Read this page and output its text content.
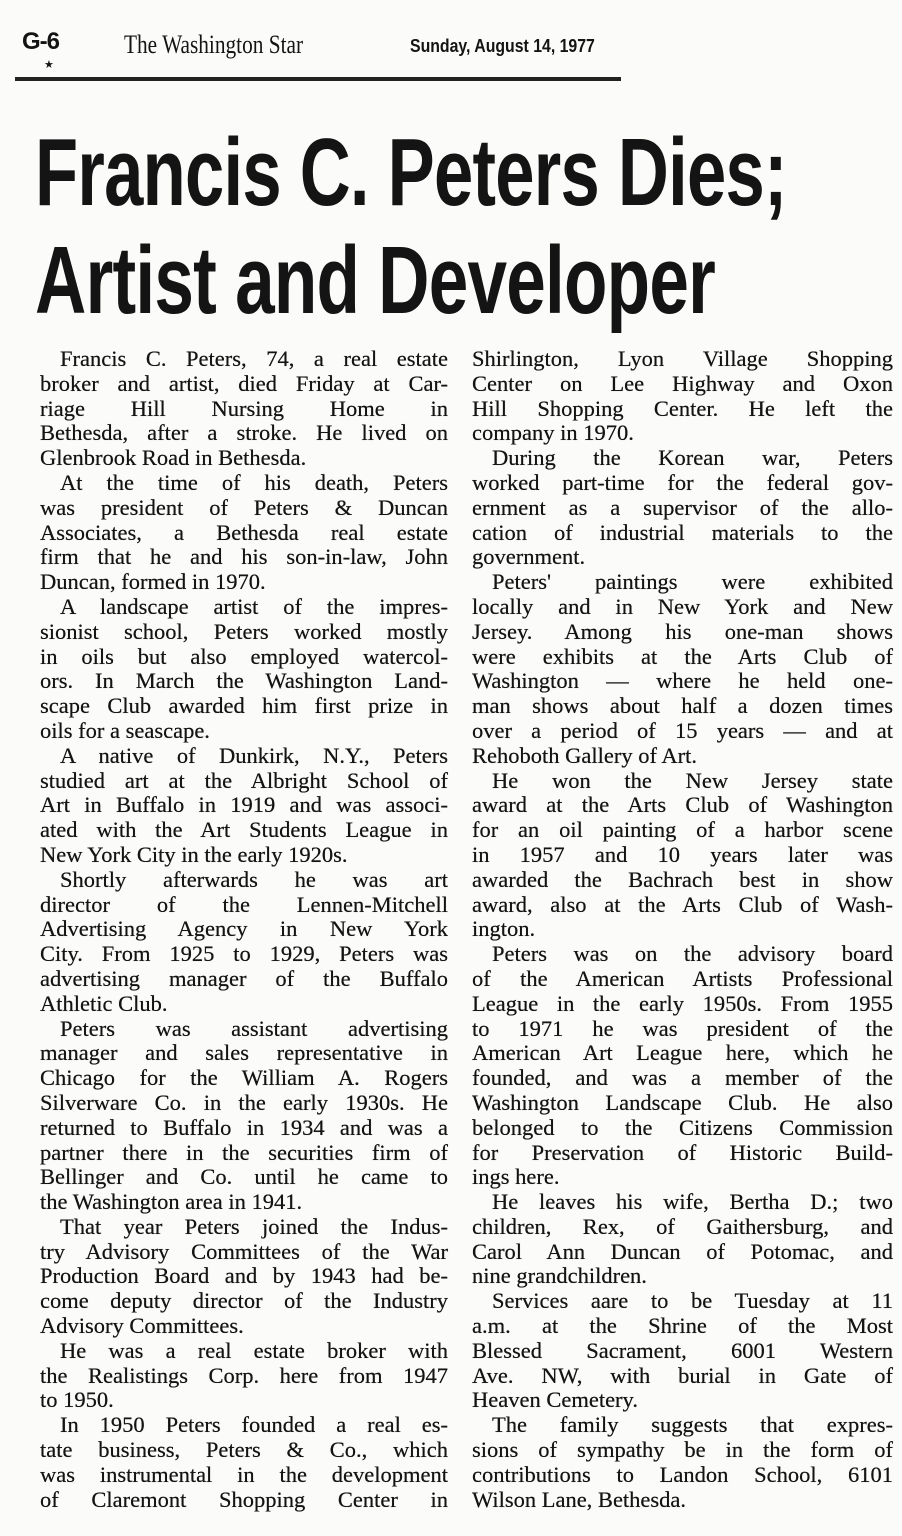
G-6
★
The Washington Star	Sunday, August 14, 1977
Francis C. Peters Dies;
Artist and Developer
Francis C. Peters, 74, a real estate
broker and artist, died Friday at Car-
riage Hill Nursing Home in
Bethesda, after a stroke. He lived on
Glenbrook Road in Bethesda.
At the time of his death, Peters
was president of Peters & Duncan
Associates, a Bethesda real estate
firm that he and his son-in-law, John
Duncan, formed in 1970.
A landscape artist of the impres-
sionist school, Peters worked mostly
in oils but also employed watercol-
ors. In March the Washington Land-
scape Club awarded him first prize in
oils for a seascape.
A native of Dunkirk, N.Y., Peters
studied art at the Albright School of
Art in Buffalo in 1919 and was associ-
ated with the Art Students League in
New York City in the early 1920s.
Shortly afterwards he was art
director of the Lennen-Mitchell
Advertising Agency in New York
City. From 1925 to 1929, Peters was
advertising manager of the Buffalo
Athletic Club.
Peters was assistant advertising
manager and sales representative in
Chicago for the William A. Rogers
Silverware Co. in the early 1930s. He
returned to Buffalo in 1934 and was a
partner there in the securities firm of
Bellinger and Co. until he came to
the Washington area in 1941.
That year Peters joined the Indus-
try Advisory Committees of the War
Production Board and by 1943 had be-
come deputy director of the Industry
Advisory Committees.
He was a real estate broker with
the Realistings Corp. here from 1947
to 1950.
In 1950 Peters founded a real es-
tate business, Peters & Co., which
was instrumental in the development
of Claremont Shopping Center in
Shirlington, Lyon Village Shopping
Center on Lee Highway and Oxon
Hill Shopping Center. He left the
company in 1970.
During the Korean war, Peters
worked part-time for the federal gov-
ernment as a supervisor of the allo-
cation of industrial materials to the
government.
Peters' paintings were exhibited
locally and in New York and New
Jersey. Among his one-man shows
were exhibits at the Arts Club of
Washington — where he held one-
man shows about half a dozen times
over a period of 15 years — and at
Rehoboth Gallery of Art.
He won the New Jersey state
award at the Arts Club of Washington
for an oil painting of a harbor scene
in 1957 and 10 years later was
awarded the Bachrach best in show
award, also at the Arts Club of Wash-
ington.
Peters was on the advisory board
of the American Artists Professional
League in the early 1950s. From 1955
to 1971 he was president of the
American Art League here, which he
founded, and was a member of the
Washington Landscape Club. He also
belonged to the Citizens Commission
for Preservation of Historic Build-
ings here.
He leaves his wife, Bertha D.; two
children, Rex, of Gaithersburg, and
Carol Ann Duncan of Potomac, and
nine grandchildren.
Services aare to be Tuesday at 11
a.m. at the Shrine of the Most
Blessed Sacrament, 6001 Western
Ave. NW, with burial in Gate of
Heaven Cemetery.
The family suggests that expres-
sions of sympathy be in the form of
contributions to Landon School, 6101
Wilson Lane, Bethesda.
